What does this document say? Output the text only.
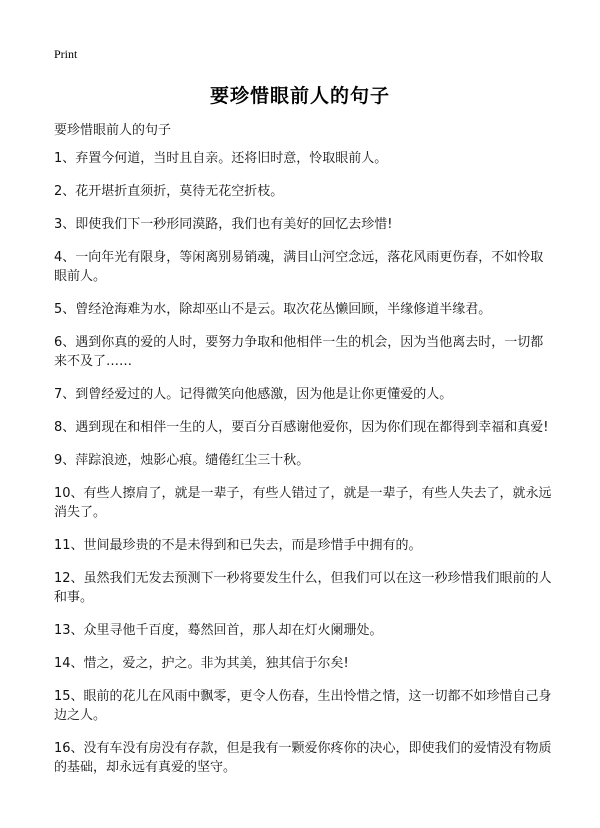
Print
要珍惜眼前人的句子

要珍惜眼前人的句子

1、弃置今何道，当时且自亲。还将旧时意，怜取眼前人。
2、花开堪折直须折，莫待无花空折枝。
3、即使我们下一秒形同漠路，我们也有美好的回忆去珍惜!
4、一向年光有限身，等闲离别易销魂，满目山河空念远，落花风雨更伤春，不如怜取眼前人。
5、曾经沧海难为水，除却巫山不是云。取次花丛懒回顾，半缘修道半缘君。
6、遇到你真的爱的人时，要努力争取和他相伴一生的机会，因为当他离去时，一切都来不及了……
7、到曾经爱过的人。记得微笑向他感激，因为他是让你更懂爱的人。
8、遇到现在和相伴一生的人，要百分百感谢他爱你，因为你们现在都得到幸福和真爱!
9、萍踪浪迹，烛影心痕。缱倦红尘三十秋。
10、有些人擦肩了，就是一辈子，有些人错过了，就是一辈子，有些人失去了，就永远消失了。
11、世间最珍贵的不是未得到和已失去，而是珍惜手中拥有的。
12、虽然我们无发去预测下一秒将要发生什么，但我们可以在这一秒珍惜我们眼前的人和事。
13、众里寻他千百度，蓦然回首，那人却在灯火阑珊处。
14、惜之，爱之，护之。非为其美，独其信于尔矣!
15、眼前的花儿在风雨中飘零，更令人伤春，生出怜惜之情，这一切都不如珍惜自己身边之人。
16、没有车没有房没有存款，但是我有一颗爱你疼你的决心，即使我们的爱情没有物质的基础，却永远有真爱的坚守。
